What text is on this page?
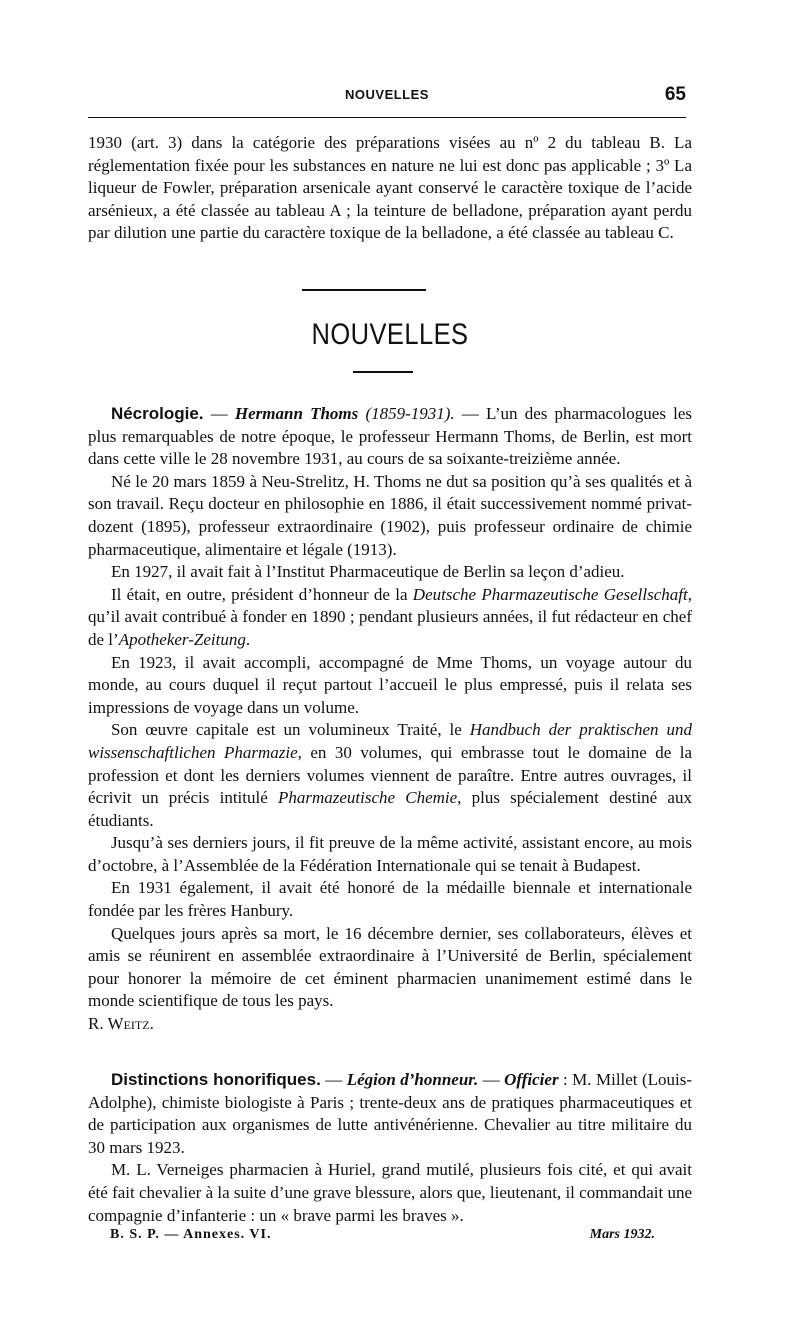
NOUVELLES	65

1930 (art. 3) dans la catégorie des préparations visées au nº 2 du tableau B. La réglementation fixée pour les substances en nature ne lui est donc pas applicable ; 3º La liqueur de Fowler, préparation arsenicale ayant conservé le caractère toxique de l’acide arsénieux, a été classée au tableau A ; la teinture de belladone, préparation ayant perdu par dilution une partie du caractère toxique de la belladone, a été classée au tableau C.

NOUVELLES

Nécrologie. — Hermann Thoms (1859-1931). — L’un des pharmacologues les plus remarquables de notre époque, le professeur Hermann Thoms, de Berlin, est mort dans cette ville le 28 novembre 1931, au cours de sa soixante-treizième année.

Né le 20 mars 1859 à Neu-Strelitz, H. Thoms ne dut sa position qu’à ses qualités et à son travail. Reçu docteur en philosophie en 1886, il était successivement nommé privat-dozent (1895), professeur extraordinaire (1902), puis professeur ordinaire de chimie pharmaceutique, alimentaire et légale (1913).

En 1927, il avait fait à l’Institut Pharmaceutique de Berlin sa leçon d’adieu.

Il était, en outre, président d’honneur de la Deutsche Pharmazeutische Gesellschaft, qu’il avait contribué à fonder en 1890 ; pendant plusieurs années, il fut rédacteur en chef de l’Apotheker-Zeitung.

En 1923, il avait accompli, accompagné de Mme Thoms, un voyage autour du monde, au cours duquel il reçut partout l’accueil le plus empressé, puis il relata ses impressions de voyage dans un volume.

Son œuvre capitale est un volumineux Traité, le Handbuch der praktischen und wissenschaftlichen Pharmazie, en 30 volumes, qui embrasse tout le domaine de la profession et dont les derniers volumes viennent de paraître. Entre autres ouvrages, il écrivit un précis intitulé Pharmazeutische Chemie, plus spécialement destiné aux étudiants.

Jusqu’à ses derniers jours, il fit preuve de la même activité, assistant encore, au mois d’octobre, à l’Assemblée de la Fédération Internationale qui se tenait à Budapest.

En 1931 également, il avait été honoré de la médaille biennale et internationale fondée par les frères Hanbury.

Quelques jours après sa mort, le 16 décembre dernier, ses collaborateurs, élèves et amis se réunirent en assemblée extraordinaire à l’Université de Berlin, spécialement pour honorer la mémoire de cet éminent pharmacien unanimement estimé dans le monde scientifique de tous les pays.

R. Weitz.

Distinctions honorifiques. — Légion d’honneur. — Officier : M. Millet (Louis-Adolphe), chimiste biologiste à Paris ; trente-deux ans de pratiques pharmaceutiques et de participation aux organismes de lutte antivénérienne. Chevalier au titre militaire du 30 mars 1923.

M. L. Verneiges pharmacien à Huriel, grand mutilé, plusieurs fois cité, et qui avait été fait chevalier à la suite d’une grave blessure, alors que, lieutenant, il commandait une compagnie d’infanterie : un « brave parmi les braves ».

B. S. P. — Annexes. VI.	Mars 1932.
